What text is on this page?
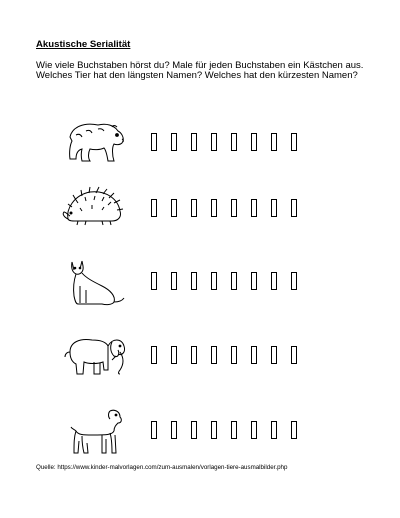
Akustische Serialität
Wie viele Buchstaben hörst du? Male für jeden Buchstaben ein Kästchen aus.
Welches Tier hat den längsten Namen? Welches hat den kürzesten Namen?
Quelle: https://www.kinder-malvorlagen.com/zum-ausmalen/vorlagen-tiere-ausmalbilder.php
